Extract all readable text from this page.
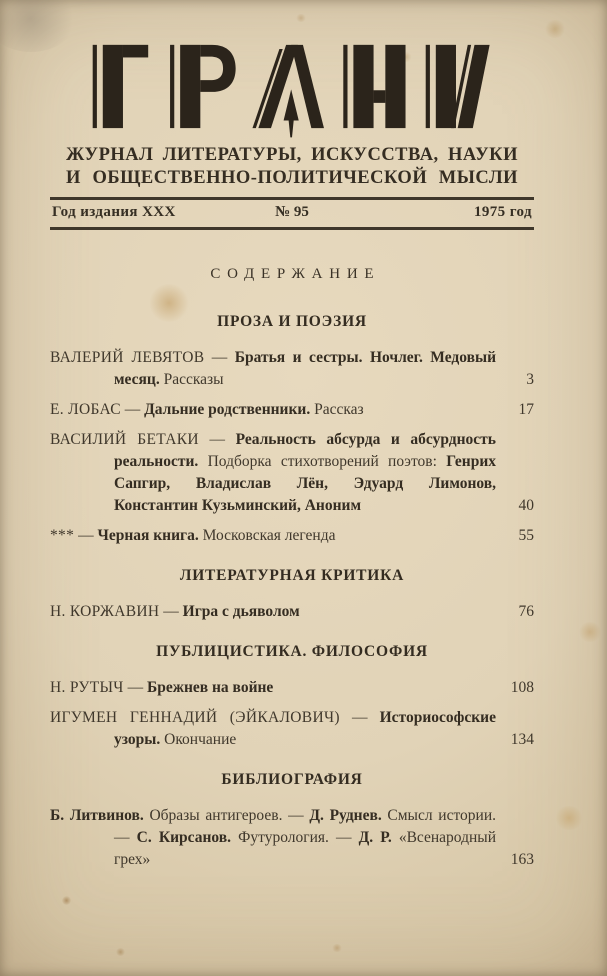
ЖУРНАЛ ЛИТЕРАТУРЫ, ИСКУССТВА, НАУКИ
И ОБЩЕСТВЕННО-ПОЛИТИЧЕСКОЙ МЫСЛИ
Год издания XXX	№ 95	1975 год
СОДЕРЖАНИЕ
ПРОЗА И ПОЭЗИЯ
ВАЛЕРИЙ ЛЕВЯТОВ — Братья и сестры. Ночлег. Медовый месяц. Рассказы	3
Е. ЛОБАС — Дальние родственники. Рассказ	17
ВАСИЛИЙ БЕТАКИ — Реальность абсурда и абсурдность реальности. Подборка стихотворений поэтов: Генрих Сапгир, Владислав Лён, Эдуард Лимонов, Константин Кузьминский, Аноним	40
*** — Черная книга. Московская легенда	55
ЛИТЕРАТУРНАЯ КРИТИКА
Н. КОРЖАВИН — Игра с дьяволом	76
ПУБЛИЦИСТИКА. ФИЛОСОФИЯ
Н. РУТЫЧ — Брежнев на войне	108
ИГУМЕН ГЕННАДИЙ (ЭЙКАЛОВИЧ) — Историософские узоры. Окончание	134
БИБЛИОГРАФИЯ
Б. Литвинов. Образы антигероев. — Д. Руднев. Смысл истории. — С. Кирсанов. Футурология. — Д. Р. «Всенародный грех»	163
